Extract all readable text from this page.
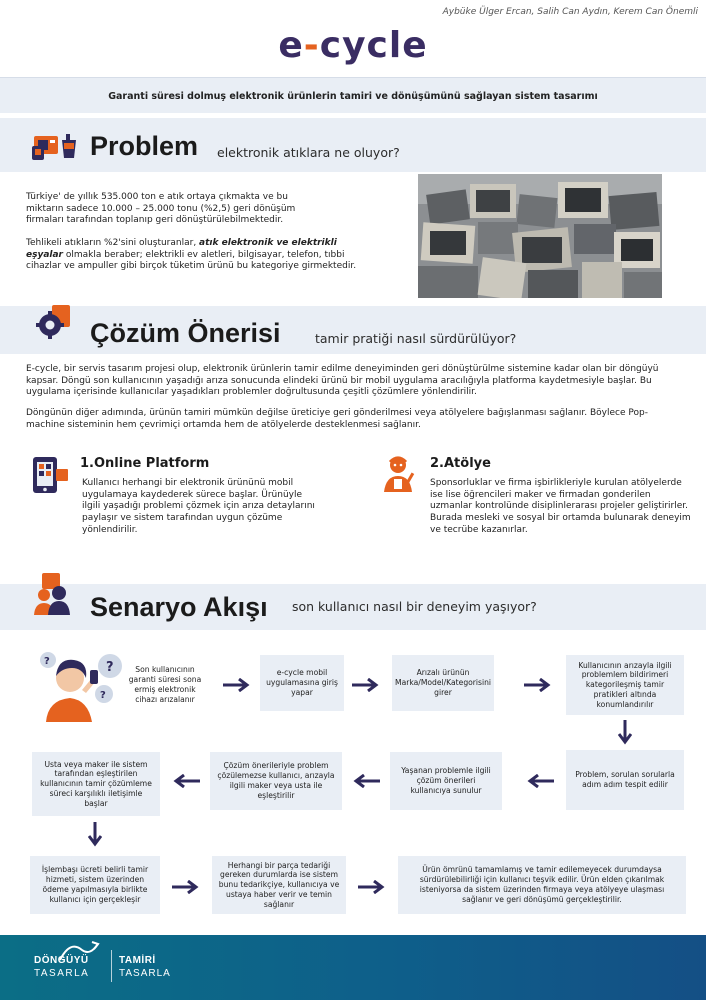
Aybüke Ülger Ercan, Salih Can Aydın, Kerem Can Önemli
e-cycle
Garanti süresi dolmuş elektronik ürünlerin tamiri ve dönüşümünü sağlayan sistem tasarımı
Problem elektronik atıklara ne oluyor?
Türkiye' de yıllık 535.000 ton e atık ortaya çıkmakta ve bu miktarın sadece 10.000 – 25.000 tonu (%2,5) geri dönüşüm firmaları tarafından toplanıp geri dönüştürülebilmektedir.
Tehlikeli atıkların %2'sini oluşturanlar, atık elektronik ve elektrikli eşyalar olmakla beraber; elektrikli ev aletleri, bilgisayar, telefon, tıbbi cihazlar ve ampuller gibi birçok tüketim ürünü bu kategoriye girmektedir.
Çözüm Önerisi	tamir pratiği nasıl sürdürülüyor?
E-cycle, bir servis tasarım projesi olup, elektronik ürünlerin tamir edilme deneyiminden geri dönüştürülme sistemine kadar olan bir döngüyü kapsar. Döngü son kullanıcının yaşadığı arıza sonucunda elindeki ürünü bir mobil uygulama aracılığıyla platforma kaydetmesiyle başlar. Bu uygulama içerisinde kullanıcılar yaşadıkları problemler doğrultusunda çeşitli çözümlere yönlendirilir.
Döngünün diğer adımında, ürünün tamiri mümkün değilse üreticiye geri gönderilmesi veya atölyelere bağışlanması sağlanır. Böylece Pop-machine sisteminin hem çevrimiçi ortamda hem de atölyelerde desteklenmesi sağlanır.
1.Online Platform
Kullanıcı herhangi bir elektronik ürününü mobil uygulamaya kaydederek sürece başlar. Ürünüyle ilgili yaşadığı problemi çözmek için arıza detaylarını paylaşır ve sistem tarafından uygun çözüme yönlendirilir.
2.Atölye
Sponsorluklar ve firma işbirlikleriyle kurulan atölyelerde ise lise öğrencileri maker ve firmadan gonderilen uzmanlar kontrolünde disiplinlerarası projeler geliştirirler. Burada mesleki ve sosyal bir ortamda bulunarak deneyim ve tecrübe kazanırlar.
Senaryo Akışı son kullanıcı nasıl bir deneyim yaşıyor?
?
?
?
Son kullanıcının garanti süresi sona ermiş elektronik cihazı arızalanır
e-cycle mobil uygulamasına giriş yapar
Arızalı ürünün Marka/Model/Kategorisini girer
Kullanıcının arızayla ilgili problemlem bildirimeri kategorileşmiş tamir pratikleri altında konumlandırılır
Problem, sorulan sorularla adım adım tespit edilir
Yaşanan problemle ilgili çözüm önerileri kullanıcıya sunulur
Çözüm önerileriyle problem çözülemezse kullanıcı, arızayla ilgili maker veya usta ile eşleştirilir
Usta veya maker ile sistem tarafından eşleştirilen kullanıcının tamir çözümleme süreci karşılıklı iletişimle başlar
İşlembaşı ücreti belirli tamir hizmeti, sistem üzerinden ödeme yapılmasıyla birlikte kullanıcı için gerçekleşir
Herhangi bir parça tedariği gereken durumlarda ise sistem bunu tedarikçiye, kullanıcıya ve ustaya haber verir ve temin sağlanır
Ürün ömrünü tamamlamış ve tamir edilemeyecek durumdaysa sürdürülebilirliği için kullanıcı teşvik edilir. Ürün elden çıkarılmak isteniyorsa da sistem üzerinden firmaya veya atölyeye ulaşması sağlanır ve geri dönüşümü gerçekleştirilir.
DÖNGÜYÜ
TASARLA
TAMİRİ
TASARLA
